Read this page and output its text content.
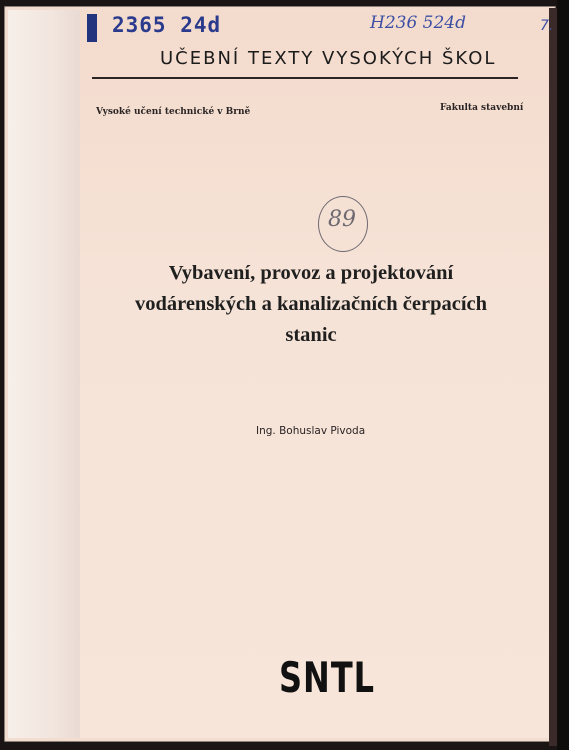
2365 24d	H236 524d	7.
UČEBNÍ TEXTY VYSOKÝCH ŠKOL
Vysoké učení technické v Brně	Fakulta stavební
89
Vybavení, provoz a projektování
vodárenských a kanalizačních čerpacích
stanic
Ing. Bohuslav Pivoda
SNTL
